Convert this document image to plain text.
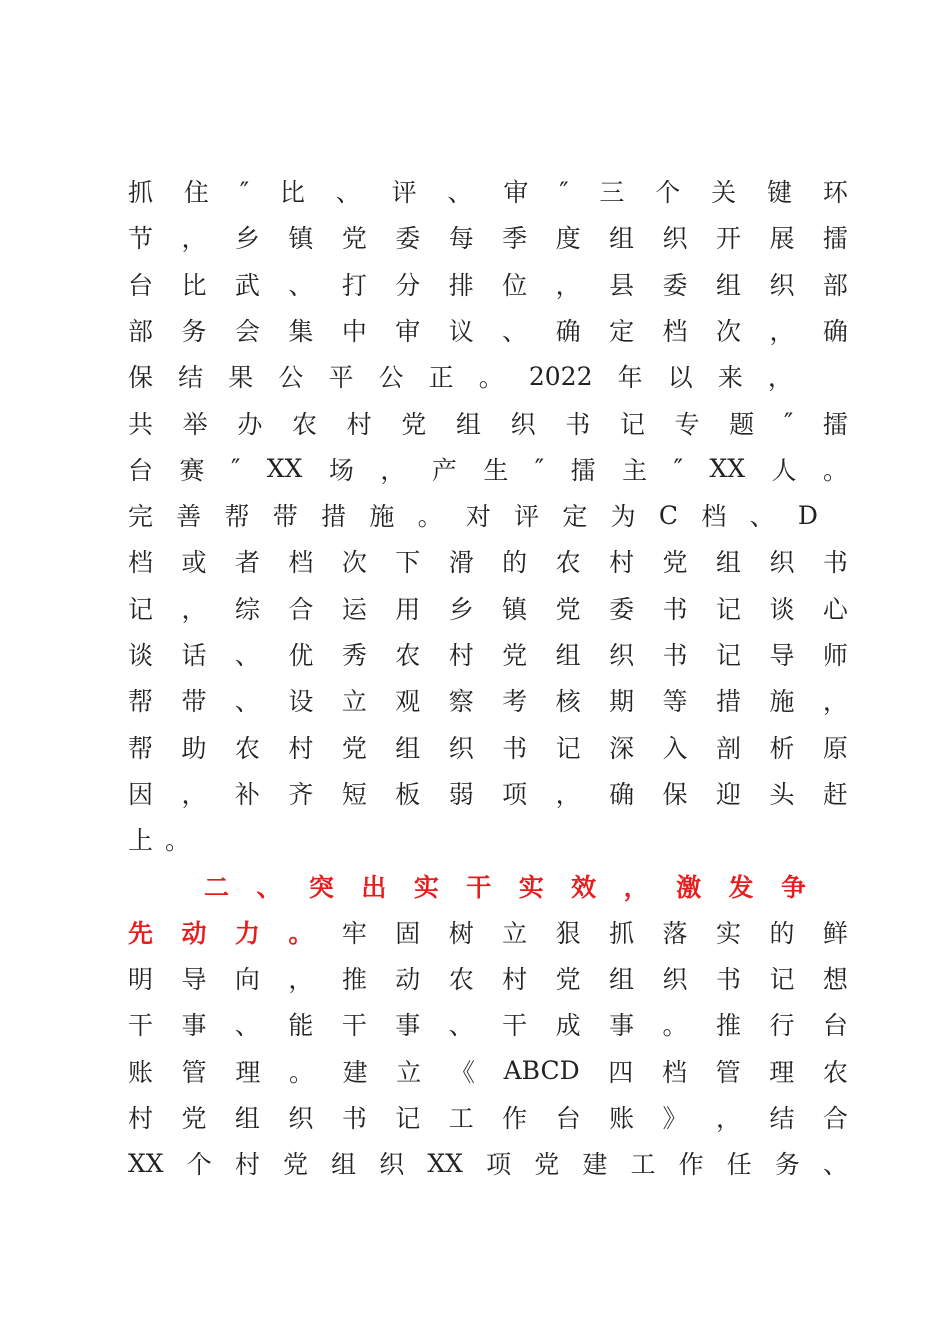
抓 住 ″ 比 、 评 、 审 ″ 三 个 关 键 环
节 ， 乡 镇 党 委 每 季 度 组 织 开 展 擂
台 比 武 、 打 分 排 位 ， 县 委 组 织 部
部 务 会 集 中 审 议 、 确 定 档 次 ， 确
保 结 果 公 平 公 正 。 2022 年 以 来 ，
共 举 办 农 村 党 组 织 书 记 专 题 ″ 擂
台 赛 ″ XX 场 ， 产 生 ″ 擂 主 ″ XX 人 。
完 善 帮 带 措 施 。 对 评 定 为 C 档 、 D
档 或 者 档 次 下 滑 的 农 村 党 组 织 书
记 ， 综 合 运 用 乡 镇 党 委 书 记 谈 心
谈 话 、 优 秀 农 村 党 组 织 书 记 导 师
帮 带 、 设 立 观 察 考 核 期 等 措 施 ，
帮 助 农 村 党 组 织 书 记 深 入 剖 析 原
因 ， 补 齐 短 板 弱 项 ， 确 保 迎 头 赶
上 。
二 、 突 出 实 干 实 效 ， 激 发 争
先 动 力 。 牢 固 树 立 狠 抓 落 实 的 鲜
明 导 向 ， 推 动 农 村 党 组 织 书 记 想
干 事 、 能 干 事 、 干 成 事 。 推 行 台
账 管 理 。 建 立 《 ABCD 四 档 管 理 农
村 党 组 织 书 记 工 作 台 账 》 ， 结 合
XX 个 村 党 组 织 XX 项 党 建 工 作 任 务 、
